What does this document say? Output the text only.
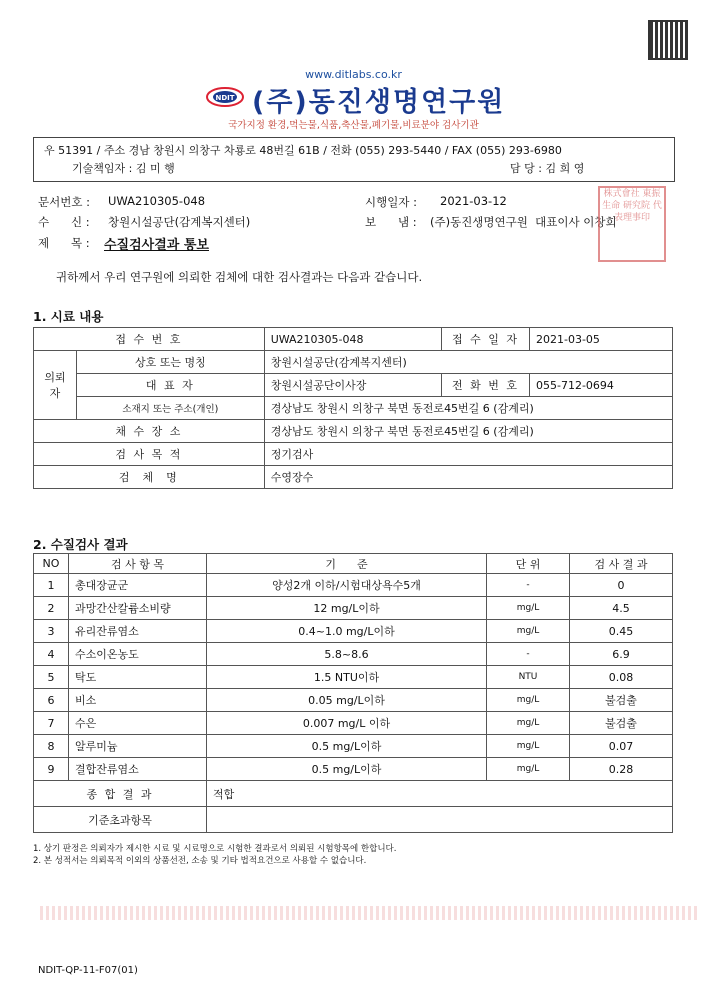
www.ditlabs.co.kr
NDIT (주)동진생명연구원
국가지정 환경,먹는물,식품,축산물,폐기물,비료분야 검사기관
우 51391 / 주소 경남 창원시 의창구 차룡로 48번길 61B / 전화 (055) 293-5440 / FAX (055) 293-6980
기술책임자 : 김 미 행	담 당 : 김 희 영
문서번호 : UWA210305-048
수      신 : 창원시설공단(감계복지센터)
제      목 : 수질검사결과 통보
시행일자 : 2021-03-12
보      냄 : (주)동진생명연구원  대표이사 이창희
株式會社 東振生命 研究院 代表理事印
귀하께서 우리 연구원에 의뢰한 검체에 대한 검사결과는 다음과 같습니다.
1. 시료 내용
접 수 번 호		UWA210305-048	접 수 일 자	2021-03-05
의뢰자	상호 또는 명칭	창원시설공단(감계복지센터)		
	대 표 자	창원시설공단이사장	전 화 번 호	055-712-0694
	소재지 또는 주소(개인)	경상남도 창원시 의창구 북면 동전로45번길 6 (감계리)		
채 수 장 소		경상남도 창원시 의창구 북면 동전로45번길 6 (감계리)		
검 사 목 적		정기검사		
검  체  명		수영장수		
2. 수질검사 결과
NO	검 사 항 목	기      준	단 위	검 사 결 과
1	총대장균군	양성2개 이하/시험대상욕수5개	-	0
2	과망간산칼륨소비량	12 mg/L이하	mg/L	4.5
3	유리잔류염소	0.4~1.0 mg/L이하	mg/L	0.45
4	수소이온농도	5.8~8.6	-	6.9
5	탁도	1.5 NTU이하	NTU	0.08
6	비소	0.05 mg/L이하	mg/L	불검출
7	수은	0.007 mg/L 이하	mg/L	불검출
8	알루미늄	0.5 mg/L이하	mg/L	0.07
9	결합잔류염소	0.5 mg/L이하	mg/L	0.28
종 합 결 과		적합		
기준초과항목				
1. 상기 판정은 의뢰자가 제시한 시료 및 시료명으로 시험한 결과로서 의뢰된 시험항목에 한합니다.
2. 본 성적서는 의뢰목적 이외의 상품선전, 소송 및 기타 법적요건으로 사용할 수 없습니다.
NDIT-QP-11-F07(01)
